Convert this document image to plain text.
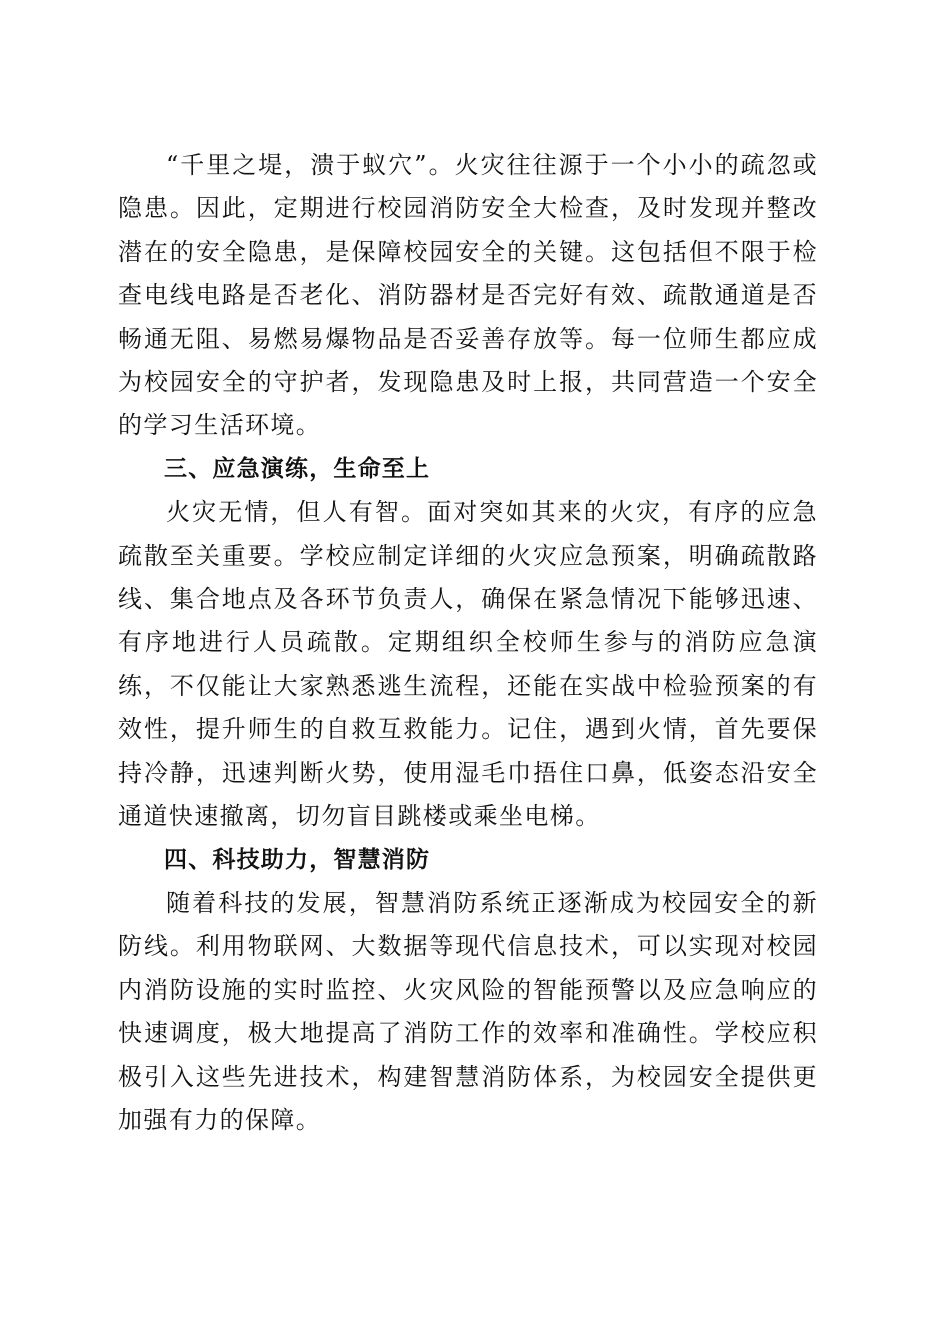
“千里之堤，溃于蚁穴”。火灾往往源于一个小小的疏忽或隐患。因此，定期进行校园消防安全大检查，及时发现并整改潜在的安全隐患，是保障校园安全的关键。这包括但不限于检查电线电路是否老化、消防器材是否完好有效、疏散通道是否畅通无阻、易燃易爆物品是否妥善存放等。每一位师生都应成为校园安全的守护者，发现隐患及时上报，共同营造一个安全的学习生活环境。

三、应急演练，生命至上

火灾无情，但人有智。面对突如其来的火灾，有序的应急疏散至关重要。学校应制定详细的火灾应急预案，明确疏散路线、集合地点及各环节负责人，确保在紧急情况下能够迅速、有序地进行人员疏散。定期组织全校师生参与的消防应急演练，不仅能让大家熟悉逃生流程，还能在实战中检验预案的有效性，提升师生的自救互救能力。记住，遇到火情，首先要保持冷静，迅速判断火势，使用湿毛巾捂住口鼻，低姿态沿安全通道快速撤离，切勿盲目跳楼或乘坐电梯。

四、科技助力，智慧消防

随着科技的发展，智慧消防系统正逐渐成为校园安全的新防线。利用物联网、大数据等现代信息技术，可以实现对校园内消防设施的实时监控、火灾风险的智能预警以及应急响应的快速调度，极大地提高了消防工作的效率和准确性。学校应积极引入这些先进技术，构建智慧消防体系，为校园安全提供更加强有力的保障。
